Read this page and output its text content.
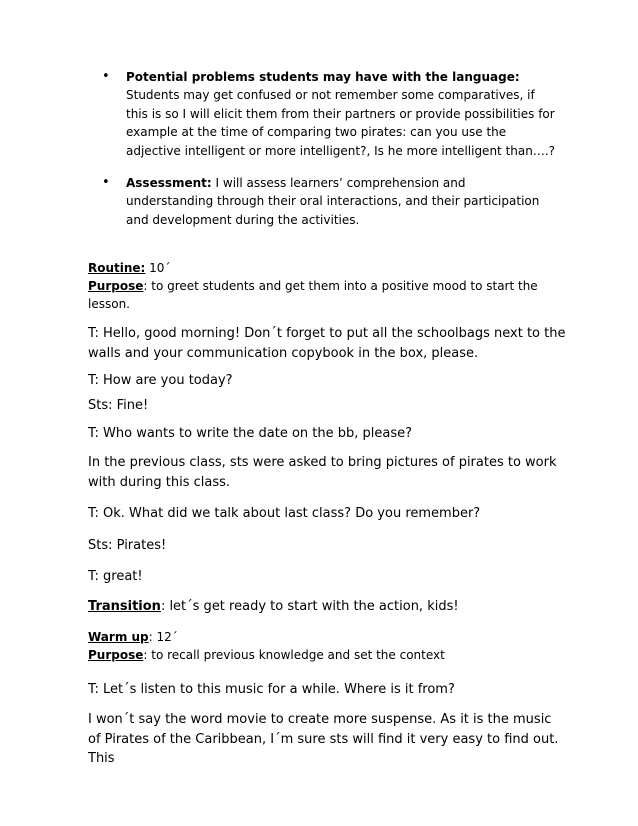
• Potential problems students may have with the language: Students may get confused or not remember some comparatives, if this is so I will elicit them from their partners or provide possibilities for example at the time of comparing two pirates: can you use the adjective intelligent or more intelligent?, Is he more intelligent than….?
• Assessment: I will assess learners’ comprehension and understanding through their oral interactions, and their participation and development during the activities.
Routine: 10´
Purpose: to greet students and get them into a positive mood to start the lesson.
T: Hello, good morning! Don´t forget to put all the schoolbags next to the walls and your communication copybook in the box, please.
T: How are you today?
Sts: Fine!
T: Who wants to write the date on the bb, please?
In the previous class, sts were asked to bring pictures of pirates to work with during this class.
T: Ok. What did we talk about last class? Do you remember?
Sts: Pirates!
T: great!
Transition: let´s get ready to start with the action, kids!
Warm up: 12´
Purpose: to recall previous knowledge and set the context
T: Let´s listen to this music for a while. Where is it from?
I won´t say the word movie to create more suspense. As it is the music of Pirates of the Caribbean, I´m sure sts will find it very easy to find out. This
